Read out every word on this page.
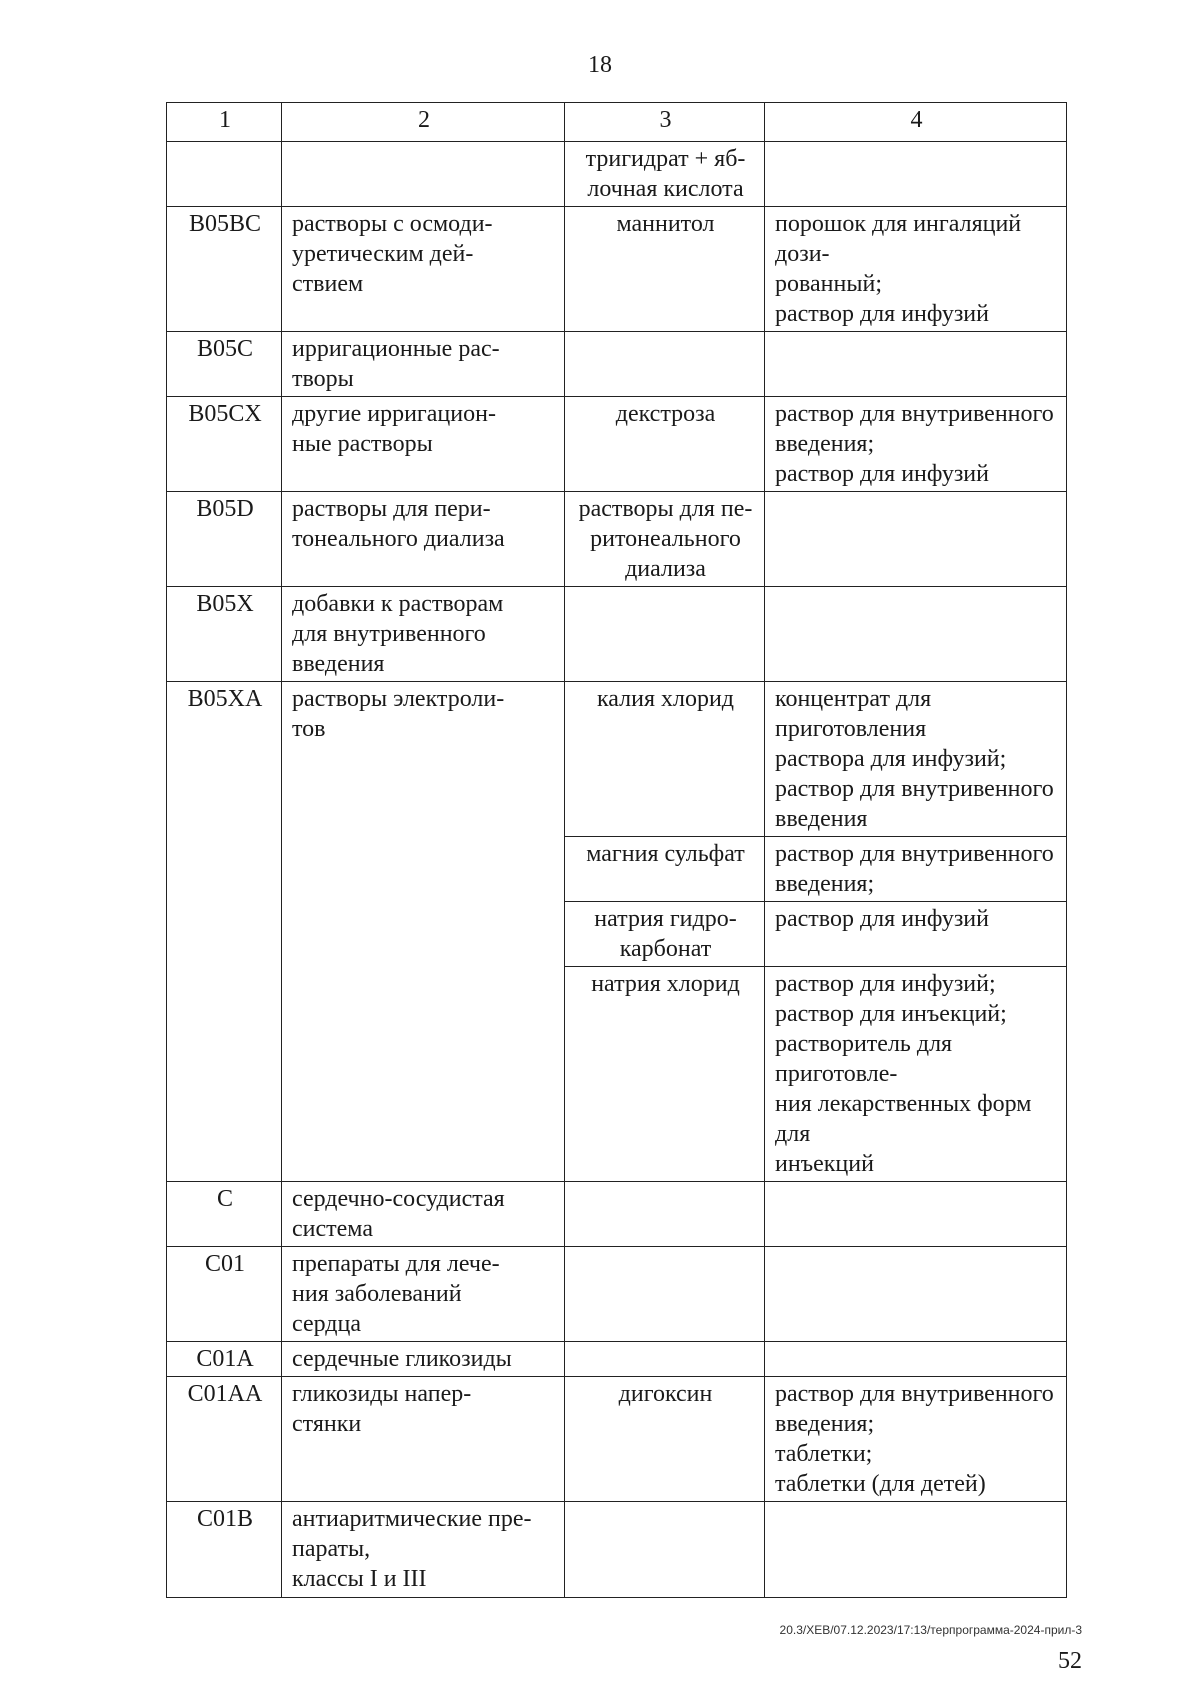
18
1	2	3	4

		тригидрат + яб-
лочная кислота	

B05BC	растворы с осмоди-
уретическим дей-
ствием	маннитол	порошок для ингаляций дози-
рованный;
раствор для инфузий

B05C	ирригационные рас-
творы		

B05CX	другие ирригацион-
ные растворы	декстроза	раствор для внутривенного
введения;
раствор для инфузий

B05D	растворы для пери-
тонеального диализа	растворы для пе-
ритонеального
диализа	

B05X	добавки к растворам
для внутривенного
введения		

B05XA	растворы электроли-
тов	калия хлорид	концентрат для приготовления
раствора для инфузий;
раствор для внутривенного
введения

		магния сульфат	раствор для внутривенного
введения;

		натрия гидро-
карбонат	раствор для инфузий

		натрия хлорид	раствор для инфузий;
раствор для инъекций;
растворитель для приготовле-
ния лекарственных форм для
инъекций

C	сердечно-сосудистая
система		

C01	препараты для лече-
ния заболеваний
сердца		

C01A	сердечные гликозиды		

C01AA	гликозиды напер-
стянки	дигоксин	раствор для внутривенного
введения;
таблетки;
таблетки (для детей)

C01B	антиаритмические пре-
параты,
классы I и III		

20.3/ХЕВ/07.12.2023/17:13/терпрограмма-2024-прил-3
52
